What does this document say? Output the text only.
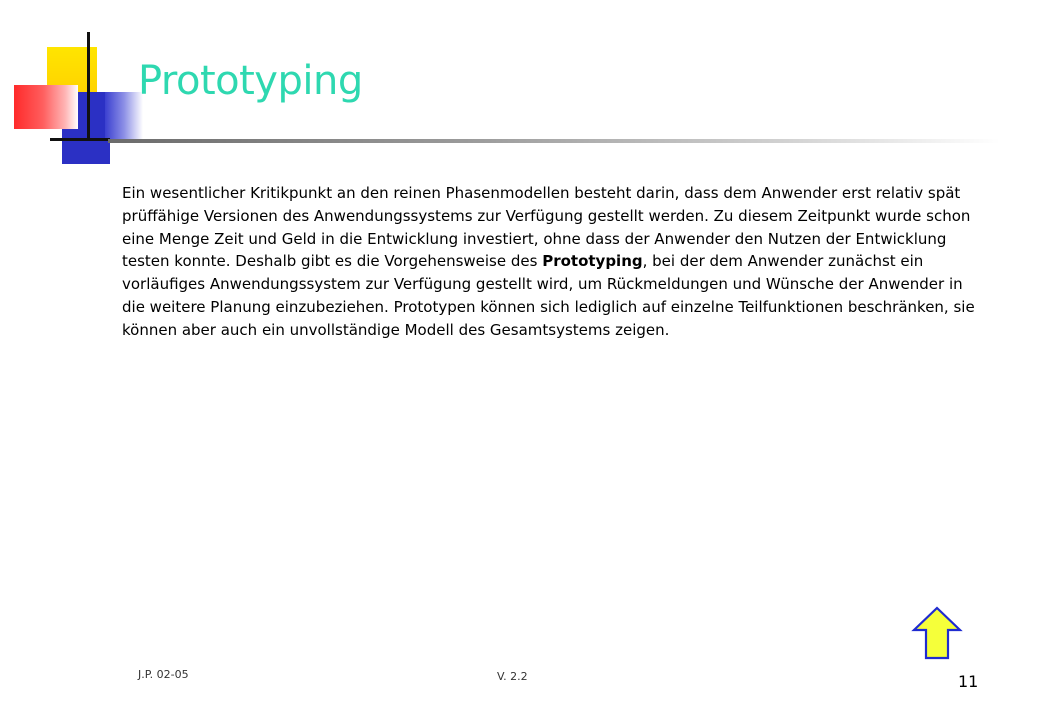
Prototyping

Ein wesentlicher Kritikpunkt an den reinen Phasenmodellen besteht darin, dass dem Anwender erst relativ spät prüffähige Versionen des Anwendungssystems zur Verfügung gestellt werden. Zu diesem Zeitpunkt wurde schon eine Menge Zeit und Geld in die Entwicklung investiert, ohne dass der Anwender den Nutzen der Entwicklung testen konnte. Deshalb gibt es die Vorgehensweise des Prototyping, bei der dem Anwender zunächst ein vorläufiges Anwendungssystem zur Verfügung gestellt wird, um Rückmeldungen und Wünsche der Anwender in die weitere Planung einzubeziehen. Prototypen können sich lediglich auf einzelne Teilfunktionen beschränken, sie können aber auch ein unvollständige Modell des Gesamtsystems zeigen.

J.P. 02-05	V. 2.2	11
